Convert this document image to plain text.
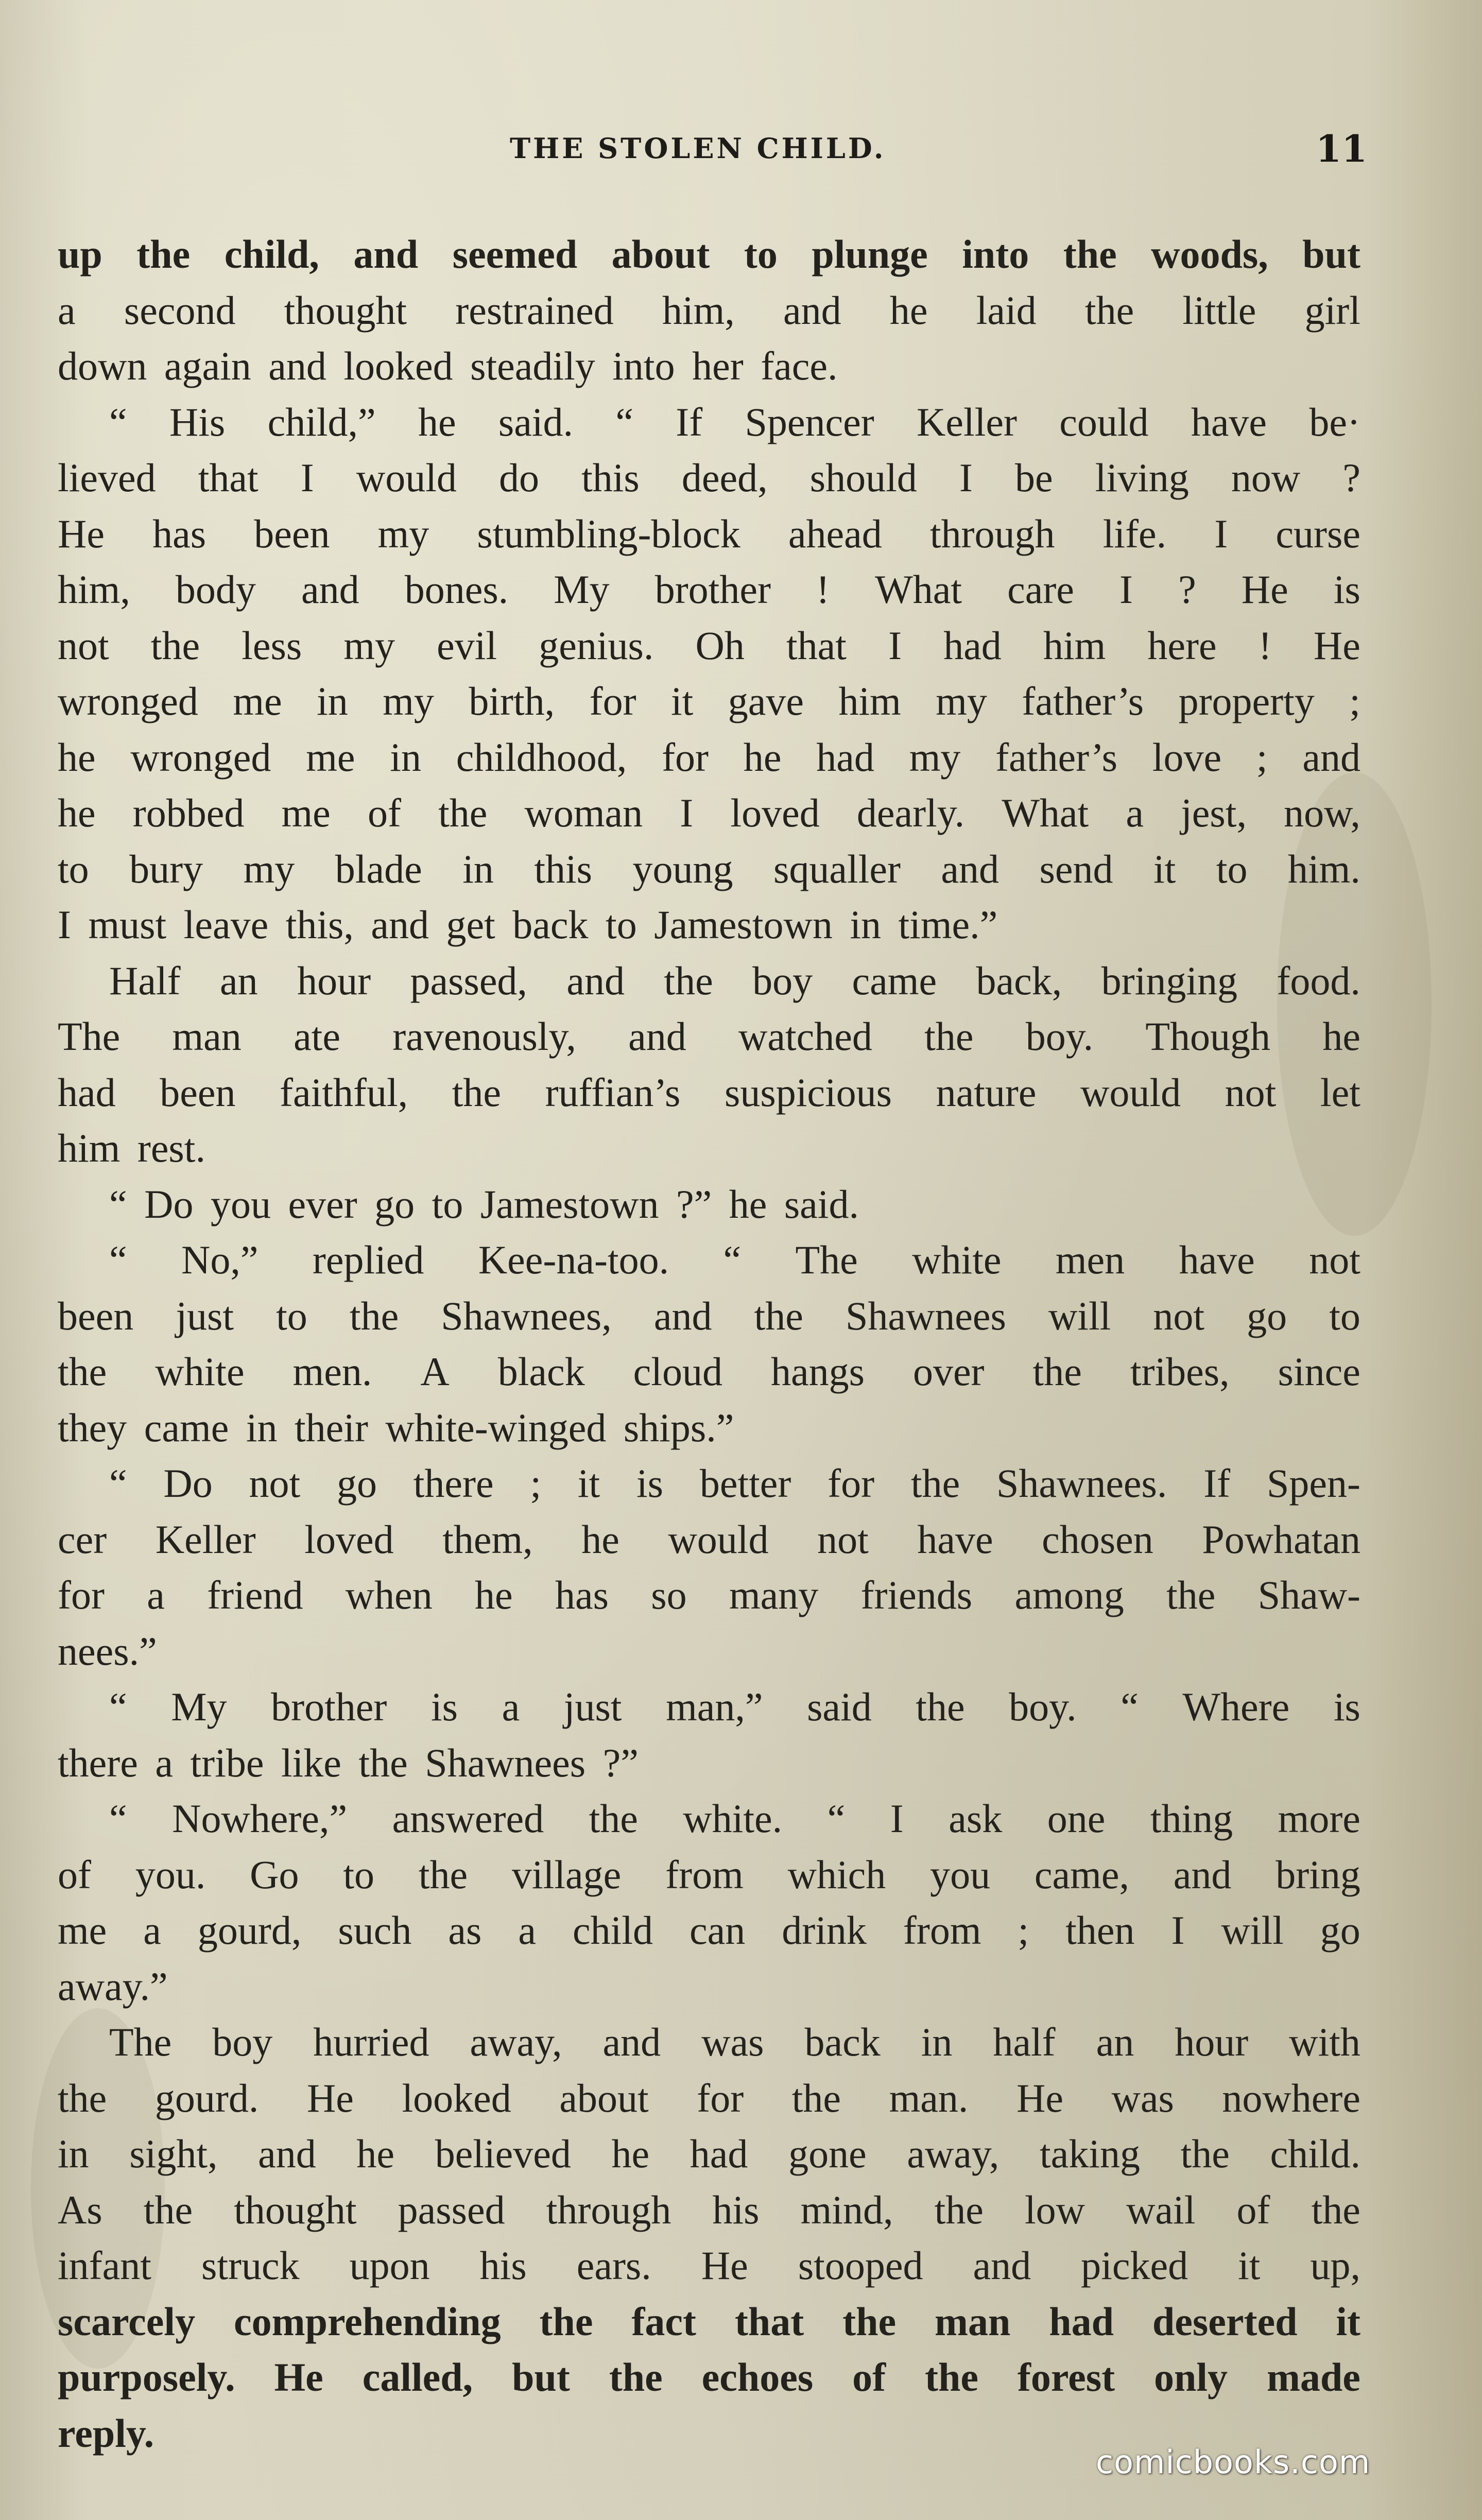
THE STOLEN CHILD.	11
up the child, and seemed about to plunge into the woods, but
a second thought restrained him, and he laid the little girl
down again and looked steadily into her face.
“ His child,” he said. “ If Spencer Keller could have be·
lieved that I would do this deed, should I be living now ?
He has been my stumbling-block ahead through life. I curse
him, body and bones. My brother ! What care I ? He is
not the less my evil genius. Oh that I had him here ! He
wronged me in my birth, for it gave him my father’s property ;
he wronged me in childhood, for he had my father’s love ; and
he robbed me of the woman I loved dearly. What a jest, now,
to bury my blade in this young squaller and send it to him.
I must leave this, and get back to Jamestown in time.”
Half an hour passed, and the boy came back, bringing food.
The man ate ravenously, and watched the boy. Though he
had been faithful, the ruffian’s suspicious nature would not let
him rest.
“ Do you ever go to Jamestown ?” he said.
“ No,” replied Kee-na-too. “ The white men have not
been just to the Shawnees, and the Shawnees will not go to
the white men. A black cloud hangs over the tribes, since
they came in their white-winged ships.”
“ Do not go there ; it is better for the Shawnees. If Spen-
cer Keller loved them, he would not have chosen Powhatan
for a friend when he has so many friends among the Shaw-
nees.”
“ My brother is a just man,” said the boy. “ Where is
there a tribe like the Shawnees ?”
“ Nowhere,” answered the white. “ I ask one thing more
of you. Go to the village from which you came, and bring
me a gourd, such as a child can drink from ; then I will go
away.”
The boy hurried away, and was back in half an hour with
the gourd. He looked about for the man. He was nowhere
in sight, and he believed he had gone away, taking the child.
As the thought passed through his mind, the low wail of the
infant struck upon his ears. He stooped and picked it up,
scarcely comprehending the fact that the man had deserted it
purposely. He called, but the echoes of the forest only made
reply.
comicbooks.com
